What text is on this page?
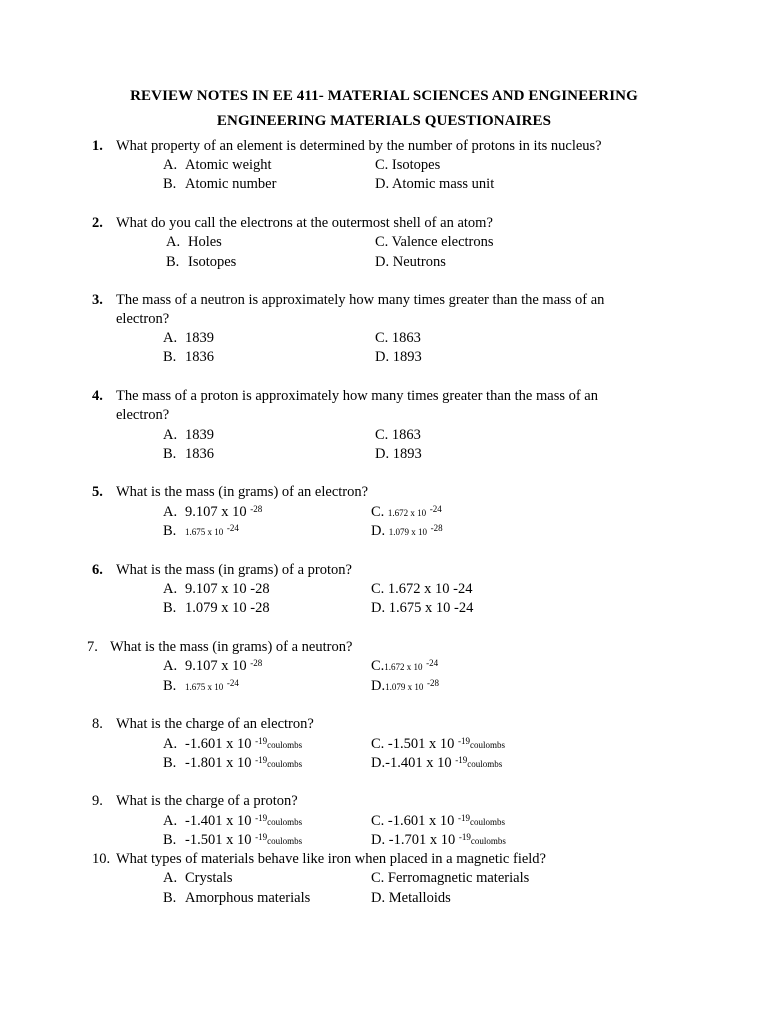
REVIEW NOTES IN EE 411- MATERIAL SCIENCES AND ENGINEERING
ENGINEERING MATERIALS QUESTIONAIRES
1. What property of an element is determined by the number of protons in its nucleus?
A. Atomic weight	C. Isotopes
B. Atomic number	D. Atomic mass unit
2. What do you call the electrons at the outermost shell of an atom?
A. Holes	C. Valence electrons
B. Isotopes	D. Neutrons
3. The mass of a neutron is approximately how many times greater than the mass of an
electron?
A. 1839	C. 1863
B. 1836	D. 1893
4. The mass of a proton is approximately how many times greater than the mass of an
electron?
A. 1839	C. 1863
B. 1836	D. 1893
5. What is the mass (in grams) of an electron?
A. 9.107 x 10 $^{-28}$	C. 1.672 x 10 $^{-24}$
B. 1.675 x 10 $^{-24}$	D. 1.079 x 10 $^{-28}$
6. What is the mass (in grams) of a proton?
A. 9.107 x 10 -28	C. 1.672 x 10 -24
B. 1.079 x 10 -28	D. 1.675 x 10 -24
7. What is the mass (in grams) of a neutron?
A. 9.107 x 10 $^{-28}$	C.1.672 x 10 $^{-24}$
B. 1.675 x 10 $^{-24}$	D.1.079 x 10 $^{-28}$
8. What is the charge of an electron?
A. -1.601 x 10 $^{-19}$coulombs	C. -1.501 x 10 $^{-19}$coulombs
B. -1.801 x 10 $^{-19}$coulombs	D.-1.401 x 10 $^{-19}$coulombs
9. What is the charge of a proton?
A. -1.401 x 10 $^{-19}$coulombs	C. -1.601 x 10 $^{-19}$coulombs
B. -1.501 x 10 $^{-19}$coulombs	D. -1.701 x 10 $^{-19}$coulombs
10. What types of materials behave like iron when placed in a magnetic field?
A. Crystals	C. Ferromagnetic materials
B. Amorphous materials	D. Metalloids
